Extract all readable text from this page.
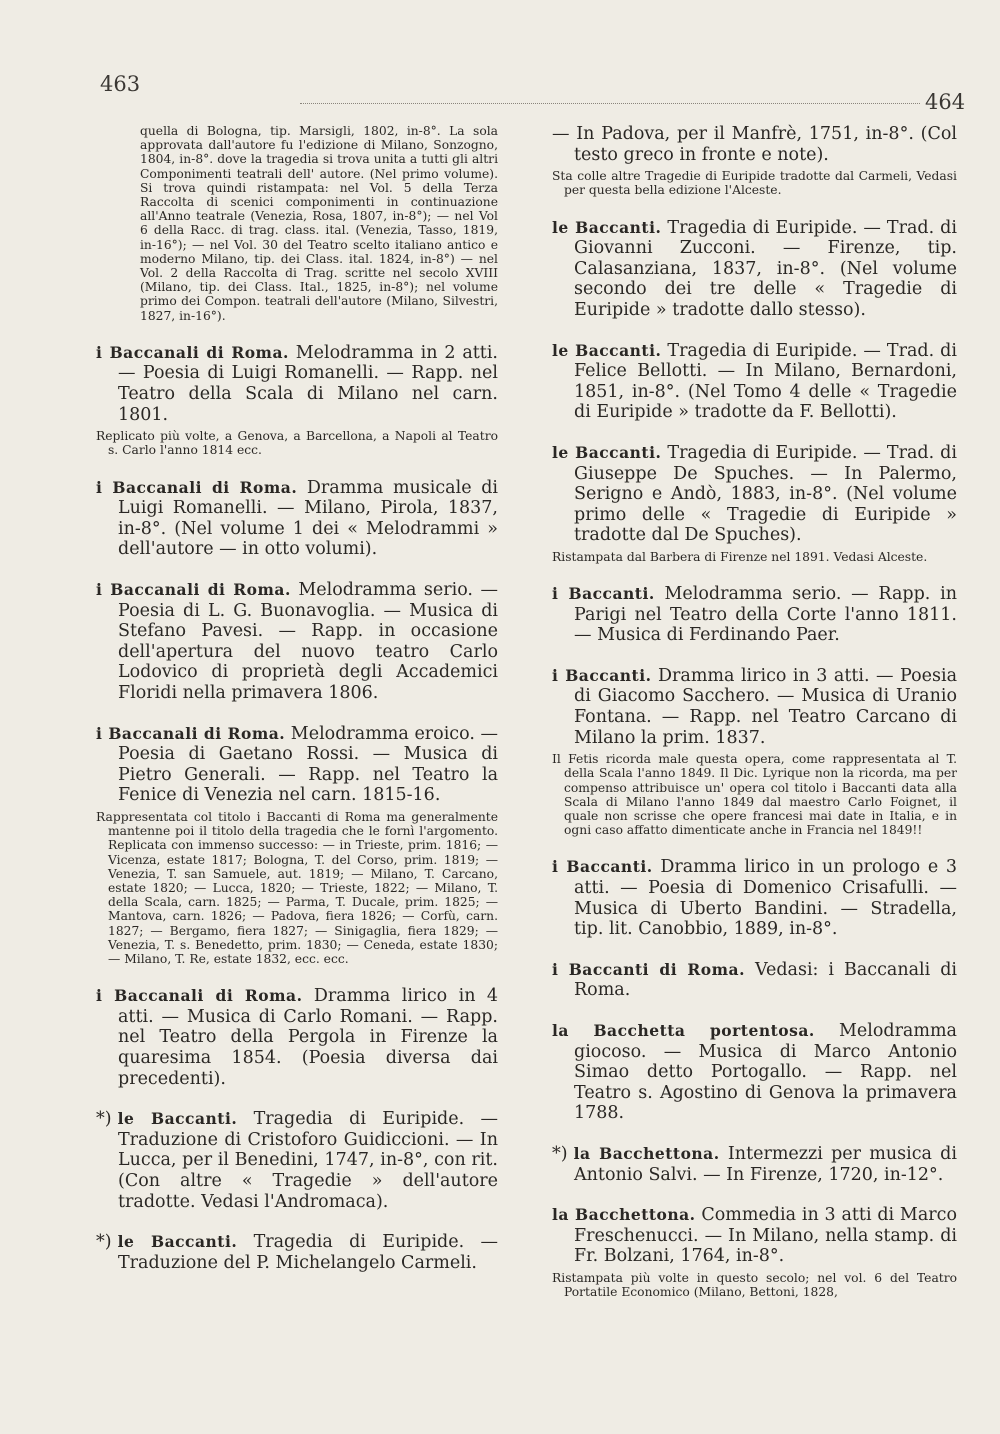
463
464

quella di Bologna, tip. Marsigli, 1802, in-8°. La sola approvata dall'autore fu l'edizione di Milano, Sonzogno, 1804, in-8°. dove la tragedia si trova unita a tutti gli altri Componimenti teatrali dell' autore. (Nel primo volume). Si trova quindi ristampata: nel Vol. 5 della Terza Raccolta di scenici componimenti in continuazione all'Anno teatrale (Venezia, Rosa, 1807, in-8°); — nel Vol 6 della Racc. di trag. class. ital. (Venezia, Tasso, 1819, in-16°); — nel Vol. 30 del Teatro scelto italiano antico e moderno Milano, tip. dei Class. ital. 1824, in-8°) — nel Vol. 2 della Raccolta di Trag. scritte nel secolo XVIII (Milano, tip. dei Class. Ital., 1825, in-8°); nel volume primo dei Compon. teatrali dell'autore (Milano, Silvestri, 1827, in-16°).

i Baccanali di Roma. Melodramma in 2 atti. — Poesia di Luigi Romanelli. — Rapp. nel Teatro della Scala di Milano nel carn. 1801.

Replicato più volte, a Genova, a Barcellona, a Napoli al Teatro s. Carlo l'anno 1814 ecc.

i Baccanali di Roma. Dramma musicale di Luigi Romanelli. — Milano, Pirola, 1837, in-8°. (Nel volume 1 dei « Melodrammi » dell'autore — in otto volumi).

i Baccanali di Roma. Melodramma serio. — Poesia di L. G. Buonavoglia. — Musica di Stefano Pavesi. — Rapp. in occasione dell'apertura del nuovo teatro Carlo Lodovico di proprietà degli Accademici Floridi nella primavera 1806.

i Baccanali di Roma. Melodramma eroico. — Poesia di Gaetano Rossi. — Musica di Pietro Generali. — Rapp. nel Teatro la Fenice di Venezia nel carn. 1815-16.

Rappresentata col titolo i Baccanti di Roma ma generalmente mantenne poi il titolo della tragedia che le fornì l'argomento. Replicata con immenso successo: — in Trieste, prim. 1816; — Vicenza, estate 1817; Bologna, T. del Corso, prim. 1819; — Venezia, T. san Samuele, aut. 1819; — Milano, T. Carcano, estate 1820; — Lucca, 1820; — Trieste, 1822; — Milano, T. della Scala, carn. 1825; — Parma, T. Ducale, prim. 1825; — Mantova, carn. 1826; — Padova, fiera 1826; — Corfù, carn. 1827; — Bergamo, fiera 1827; — Sinigaglia, fiera 1829; — Venezia, T. s. Benedetto, prim. 1830; — Ceneda, estate 1830; — Milano, T. Re, estate 1832, ecc. ecc.

i Baccanali di Roma. Dramma lirico in 4 atti. — Musica di Carlo Romani. — Rapp. nel Teatro della Pergola in Firenze la quaresima 1854. (Poesia diversa dai precedenti).

*) le Baccanti. Tragedia di Euripide. — Traduzione di Cristoforo Guidiccioni. — In Lucca, per il Benedini, 1747, in-8°, con rit. (Con altre « Tragedie » dell'autore tradotte. Vedasi l'Andromaca).

*) le Baccanti. Tragedia di Euripide. — Traduzione del P. Michelangelo Carmeli.

— In Padova, per il Manfrè, 1751, in-8°. (Col testo greco in fronte e note).

Sta colle altre Tragedie di Euripide tradotte dal Carmeli, Vedasi per questa bella edizione l'Alceste.

le Baccanti. Tragedia di Euripide. — Trad. di Giovanni Zucconi. — Firenze, tip. Calasanziana, 1837, in-8°. (Nel volume secondo dei tre delle « Tragedie di Euripide » tradotte dallo stesso).

le Baccanti. Tragedia di Euripide. — Trad. di Felice Bellotti. — In Milano, Bernardoni, 1851, in-8°. (Nel Tomo 4 delle « Tragedie di Euripide » tradotte da F. Bellotti).

le Baccanti. Tragedia di Euripide. — Trad. di Giuseppe De Spuches. — In Palermo, Serigno e Andò, 1883, in-8°. (Nel volume primo delle « Tragedie di Euripide » tradotte dal De Spuches).

Ristampata dal Barbera di Firenze nel 1891. Vedasi Alceste.

i Baccanti. Melodramma serio. — Rapp. in Parigi nel Teatro della Corte l'anno 1811. — Musica di Ferdinando Paer.

i Baccanti. Dramma lirico in 3 atti. — Poesia di Giacomo Sacchero. — Musica di Uranio Fontana. — Rapp. nel Teatro Carcano di Milano la prim. 1837.

Il Fetis ricorda male questa opera, come rappresentata al T. della Scala l'anno 1849. Il Dic. Lyrique non la ricorda, ma per compenso attribuisce un' opera col titolo i Baccanti data alla Scala di Milano l'anno 1849 dal maestro Carlo Foignet, il quale non scrisse che opere francesi mai date in Italia, e in ogni caso affatto dimenticate anche in Francia nel 1849!!

i Baccanti. Dramma lirico in un prologo e 3 atti. — Poesia di Domenico Crisafulli. — Musica di Uberto Bandini. — Stradella, tip. lit. Canobbio, 1889, in-8°.

i Baccanti di Roma. Vedasi: i Baccanali di Roma.

la Bacchetta portentosa. Melodramma giocoso. — Musica di Marco Antonio Simao detto Portogallo. — Rapp. nel Teatro s. Agostino di Genova la primavera 1788.

*) la Bacchettona. Intermezzi per musica di Antonio Salvi. — In Firenze, 1720, in-12°.

la Bacchettona. Commedia in 3 atti di Marco Freschenucci. — In Milano, nella stamp. di Fr. Bolzani, 1764, in-8°.

Ristampata più volte in questo secolo; nel vol. 6 del Teatro Portatile Economico (Milano, Bettoni, 1828,
